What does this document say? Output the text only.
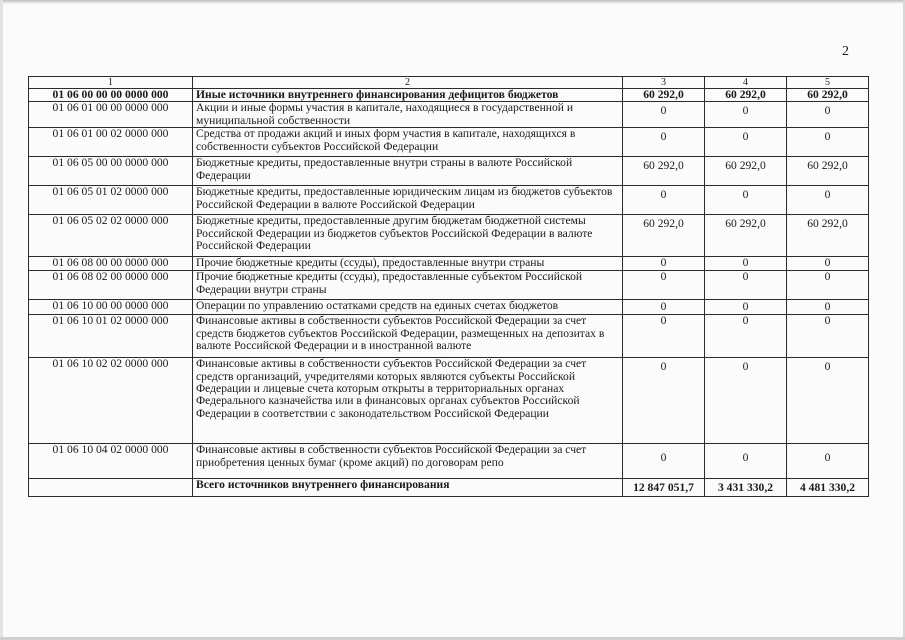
2
1	2	3	4	5
01 06 00 00 00 0000 000	Иные источники внутреннего финансирования дефицитов бюджетов	60 292,0	60 292,0	60 292,0
01 06 01 00 00 0000 000	Акции и иные формы участия в капитале, находящиеся в государственной и муниципальной собственности	0	0	0
01 06 01 00 02 0000 000	Средства от продажи акций и иных форм участия в капитале, находящихся в собственности субъектов Российской Федерации	0	0	0
01 06 05 00 00 0000 000	Бюджетные кредиты, предоставленные внутри страны в валюте Российской Федерации	60 292,0	60 292,0	60 292,0
01 06 05 01 02 0000 000	Бюджетные кредиты, предоставленные юридическим лицам из бюджетов субъектов Российской Федерации в валюте Российской Федерации	0	0	0
01 06 05 02 02 0000 000	Бюджетные кредиты, предоставленные другим бюджетам бюджетной системы Российской Федерации из бюджетов субъектов Российской Федерации в валюте Российской Федерации	60 292,0	60 292,0	60 292,0
01 06 08 00 00 0000 000	Прочие бюджетные кредиты (ссуды), предоставленные внутри страны	0	0	0
01 06 08 02 00 0000 000	Прочие бюджетные кредиты (ссуды), предоставленные субъектом Российской Федерации внутри страны	0	0	0
01 06 10 00 00 0000 000	Операции по управлению остатками средств на единых счетах бюджетов	0	0	0
01 06 10 01 02 0000 000	Финансовые активы в собственности субъектов Российской Федерации за счет средств бюджетов субъектов Российской Федерации, размещенных на депозитах в валюте Российской Федерации и в иностранной валюте	0	0	0
01 06 10 02 02 0000 000	Финансовые активы в собственности субъектов Российской Федерации за счет средств организаций, учредителями которых являются субъекты Российской Федерации и лицевые счета которым открыты в территориальных органах Федерального казначейства или в финансовых органах субъектов Российской Федерации в соответствии с законодательством Российской Федерации	0	0	0
01 06 10 04 02 0000 000	Финансовые активы в собственности субъектов Российской Федерации за счет приобретения ценных бумаг (кроме акций) по договорам репо	0	0	0
	Всего источников внутреннего финансирования	12 847 051,7	3 431 330,2	4 481 330,2
